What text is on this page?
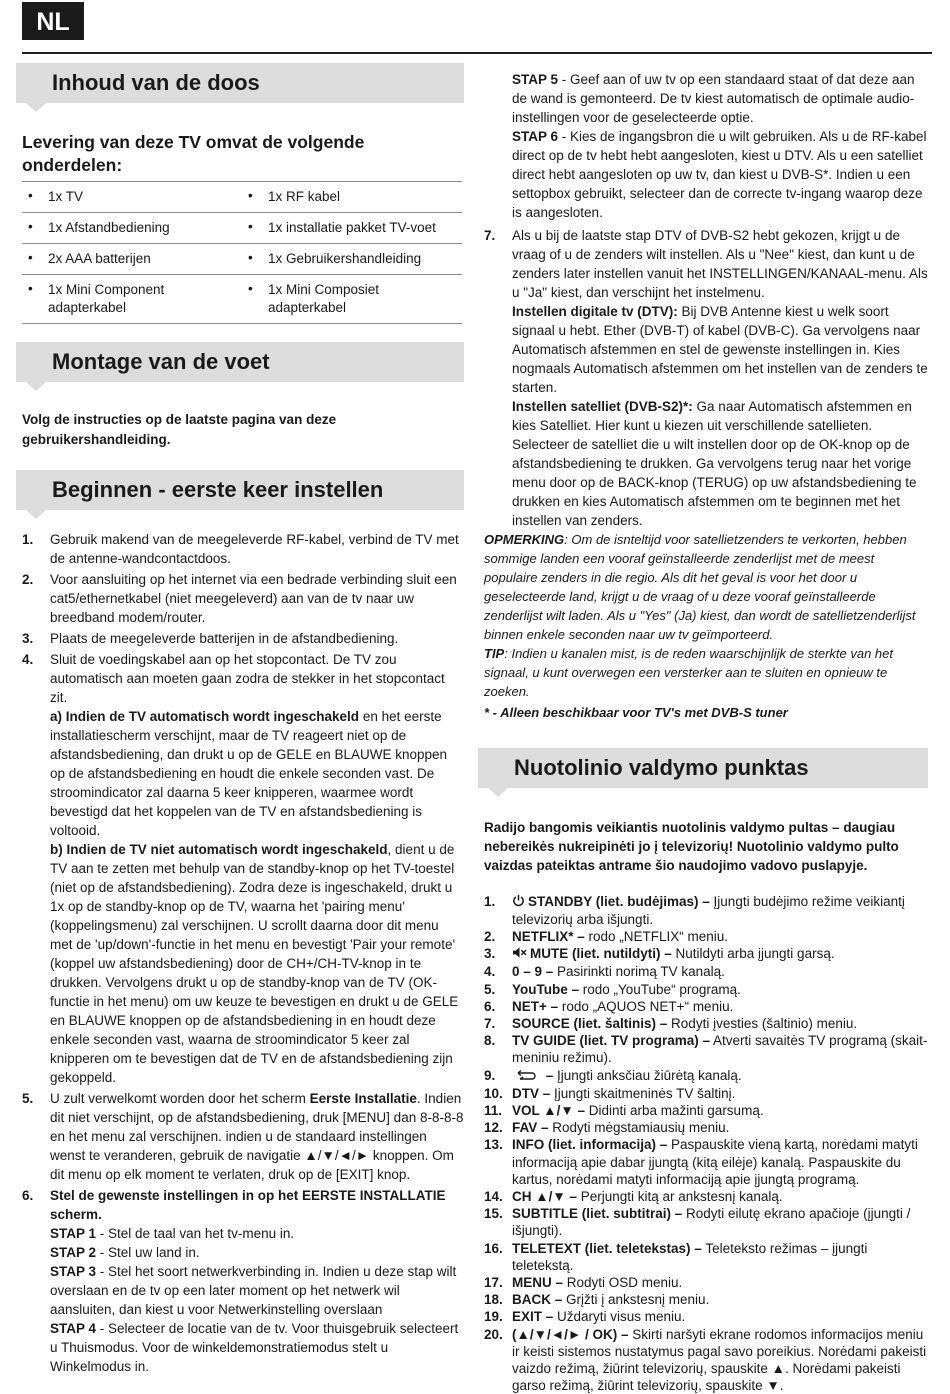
NL
Inhoud van de doos
Levering van deze TV omvat de volgende onderdelen:
• 1x TV	• 1x RF kabel
• 1x Afstandbediening	• 1x installatie pakket TV-voet
• 2x AAA batterijen	• 1x Gebruikershandleiding
• 1x Mini Component adapterkabel	• 1x Mini Composiet adapterkabel
Montage van de voet
Volg de instructies op de laatste pagina van deze gebruikershandleiding.
Beginnen - eerste keer instellen
1. Gebruik makend van de meegeleverde RF-kabel, verbind de TV met de antenne-wandcontactdoos.

2. Voor aansluiting op het internet via een bedrade verbinding sluit een cat5/ethernetkabel (niet meegeleverd) aan van de tv naar uw breedband modem/router.

3. Plaats de meegeleverde batterijen in de afstandbediening.

4. Sluit de voedingskabel aan op het stopcontact. De TV zou automatisch aan moeten gaan zodra de stekker in het stopcontact zit.

a) Indien de TV automatisch wordt ingeschakeld en het eerste installatiescherm verschijnt, maar de TV reageert niet op de afstandsbediening, dan drukt u op de GELE en BLAUWE knoppen op de afstandsbediening en houdt die enkele seconden vast. De stroomindicator zal daarna 5 keer knipperen, waarmee wordt bevestigd dat het koppelen van de TV en afstandsbediening is voltooid.

b) Indien de TV niet automatisch wordt ingeschakeld, dient u de TV aan te zetten met behulp van de standby-knop op het TV-toestel (niet op de afstandsbediening). Zodra deze is ingeschakeld, drukt u 1x op de standby-knop op de TV, waarna het 'pairing menu' (koppelingsmenu) zal verschijnen. U scrollt daarna door dit menu met de 'up/down'-functie in het menu en bevestigt 'Pair your remote' (koppel uw afstandsbediening) door de CH+/CH-TV-knop in te drukken. Vervolgens drukt u op de standby-knop van de TV (OK-functie in het menu) om uw keuze te bevestigen en drukt u de GELE en BLAUWE knoppen op de afstandsbediening in en houdt deze enkele seconden vast, waarna de stroomindicator 5 keer zal knipperen om te bevestigen dat de TV en de afstandsbediening zijn gekoppeld.

5. U zult verwelkomt worden door het scherm Eerste Installatie. Indien dit niet verschijnt, op de afstandsbediening, druk [MENU] dan 8-8-8-8 en het menu zal verschijnen. indien u de standaard instellingen wenst te veranderen, gebruik de navigatie ▲/▼/◄/► knoppen. Om dit menu op elk moment te verlaten, druk op de [EXIT] knop.

6. Stel de gewenste instellingen in op het EERSTE INSTALLATIE scherm.

STAP 1 - Stel de taal van het tv-menu in.

STAP 2 - Stel uw land in.

STAP 3 - Stel het soort netwerkverbinding in. Indien u deze stap wilt overslaan en de tv op een later moment op het netwerk wil aansluiten, dan kiest u voor Netwerkinstelling overslaan

STAP 4 - Selecteer de locatie van de tv. Voor thuisgebruik selecteert u Thuismodus. Voor de winkeldemonstratiemodus stelt u Winkelmodus in.

STAP 5 - Geef aan of uw tv op een standaard staat of dat deze aan de wand is gemonteerd. De tv kiest automatisch de optimale audio-instellingen voor de geselecteerde optie.

STAP 6 - Kies de ingangsbron die u wilt gebruiken. Als u de RF-kabel direct op de tv hebt hebt aangesloten, kiest u DTV. Als u een satelliet direct hebt aangesloten op uw tv, dan kiest u DVB-S*. Indien u een settopbox gebruikt, selecteer dan de correcte tv-ingang waarop deze is aangesloten.

7. Als u bij de laatste stap DTV of DVB-S2 hebt gekozen, krijgt u de vraag of u de zenders wilt instellen. Als u "Nee" kiest, dan kunt u de zenders later instellen vanuit het INSTELLINGEN/KANAAL-menu. Als u "Ja" kiest, dan verschijnt het instelmenu.

Instellen digitale tv (DTV): Bij DVB Antenne kiest u welk soort signaal u hebt. Ether (DVB-T) of kabel (DVB-C). Ga vervolgens naar Automatisch afstemmen en stel de gewenste instellingen in. Kies nogmaals Automatisch afstemmen om het instellen van de zenders te starten.

Instellen satelliet (DVB-S2)*: Ga naar Automatisch afstemmen en kies Satelliet. Hier kunt u kiezen uit verschillende satellieten. Selecteer de satelliet die u wilt instellen door op de OK-knop op de afstandsbediening te drukken. Ga vervolgens terug naar het vorige menu door op de BACK-knop (TERUG) op uw afstandsbediening te drukken en kies Automatisch afstemmen om te beginnen met het instellen van zenders.

OPMERKING: Om de isnteltijd voor satellietzenders te verkorten, hebben sommige landen een vooraf geïnstalleerde zenderlijst met de meest populaire zenders in die regio. Als dit het geval is voor het door u geselecteerde land, krijgt u de vraag of u deze vooraf geïnstalleerde zenderlijst wilt laden. Als u "Yes" (Ja) kiest, dan wordt de satellietzenderlijst binnen enkele seconden naar uw tv geïmporteerd.

TIP: Indien u kanalen mist, is de reden waarschijnlijk de sterkte van het signaal, u kunt overwegen een versterker aan te sluiten en opnieuw te zoeken.

* - Alleen beschikbaar voor TV's met DVB-S tuner

Nuotolinio valdymo punktas
Radijo bangomis veikiantis nuotolinis valdymo pultas – daugiau nebereikės nukreipinėti jo į televizorių! Nuotolinio valdymo pulto vaizdas pateiktas antrame šio naudojimo vadovo puslapyje.
1. STANDBY (liet. budėjimas) – Įjungti budėjimo režime veikiantį televizorių arba išjungti.
2. NETFLIX* – rodo „NETFLIX“ meniu.
3.	MUTE (liet. nutildyti) – Nutildyti arba įjungti garsą.
4. 0 – 9 – Pasirinkti norimą TV kanalą.
5. YouTube – rodo „YouTube“ programą.
6. NET+ – rodo „AQUOS NET+“ meniu.
7. SOURCE (liet. šaltinis) – Rodyti įvesties (šaltinio) meniu.
8. TV GUIDE (liet. TV programa) – Atverti savaitės TV programą (skaitmeniniu režimu).
9.	– Įjungti anksčiau žiūrėtą kanalą.
10. DTV – Įjungti skaitmeninės TV šaltinį.
11. VOL ▲/▼ – Didinti arba mažinti garsumą.
12. FAV – Rodyti mėgstamiausių meniu.
13. INFO (liet. informacija) – Paspauskite vieną kartą, norėdami matyti informaciją apie dabar įjungtą (kitą eilėje) kanalą. Paspauskite du kartus, norėdami matyti informaciją apie įjungtą programą.
14. CH ▲/▼ – Perjungti kitą ar ankstesnį kanalą.
15. SUBTITLE (liet. subtitrai) – Rodyti eilutę ekrano apačioje (įjungti / išjungti).
16. TELETEXT (liet. teletekstas) – Teleteksto režimas – įjungti teletekstą.
17. MENU – Rodyti OSD meniu.
18. BACK – Grįžti į ankstesnį meniu.
19. EXIT – Uždaryti visus meniu.
20. (▲/▼/◄/► / OK) – Skirti naršyti ekrane rodomos informacijos meniu ir keisti sistemos nustatymus pagal savo poreikius. Norėdami pakeisti vaizdo režimą, žiūrint televizorių, spauskite ▲. Norėdami pakeisti garso režimą, žiūrint televizorių, spauskite ▼.
